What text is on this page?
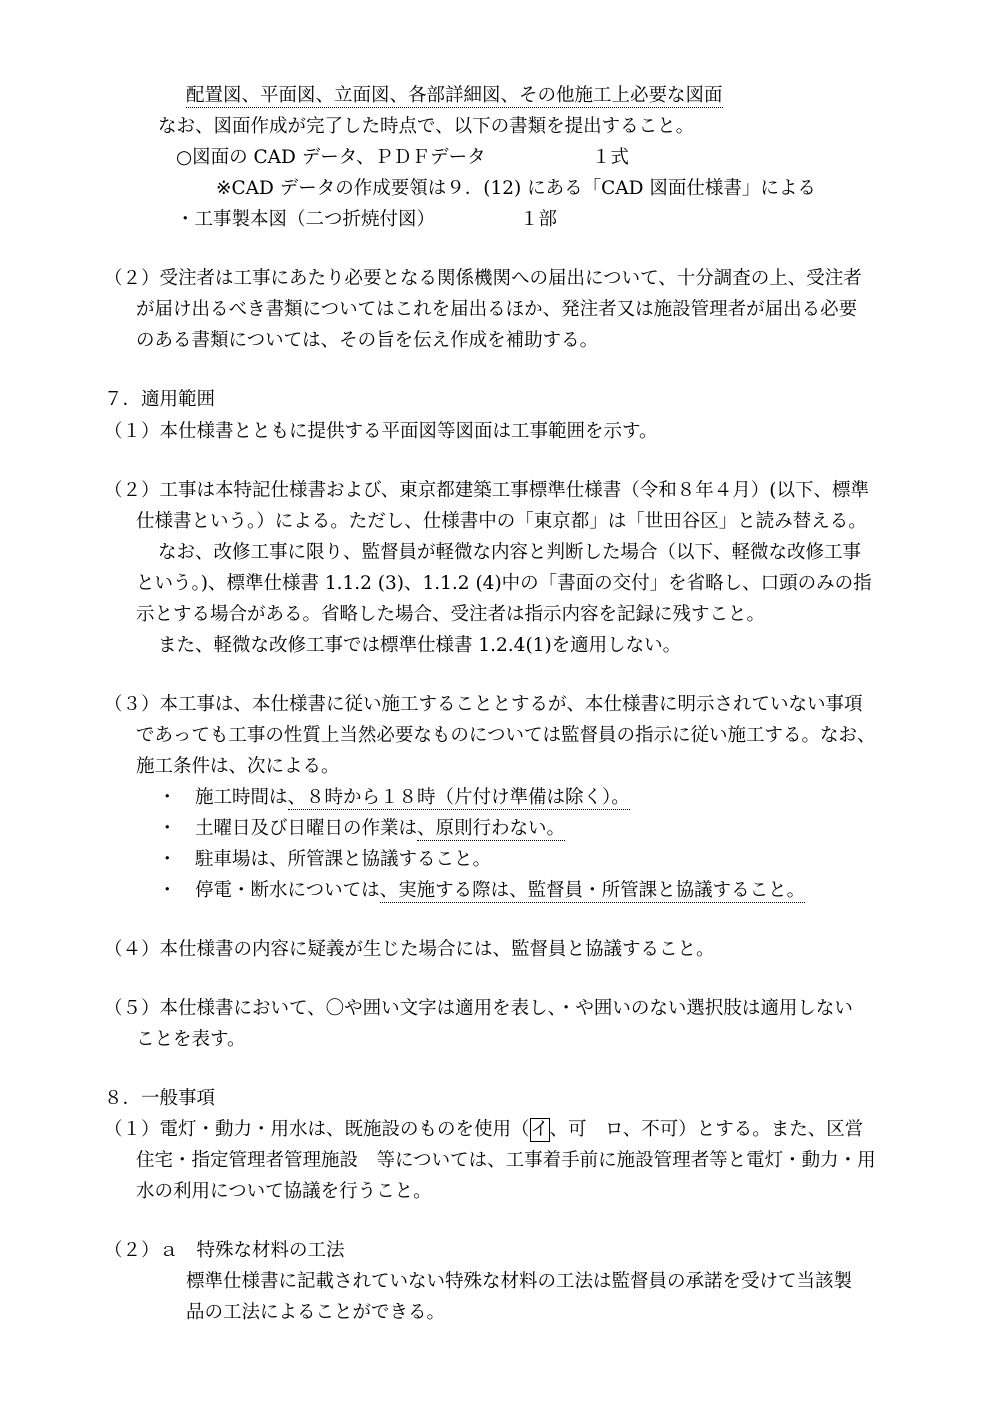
配置図、平面図、立面図、各部詳細図、その他施工上必要な図面
なお、図面作成が完了した時点で、以下の書類を提出すること。
○図面の CAD データ、ＰＤＦデータ	１式
※CAD データの作成要領は９．(12) にある「CAD 図面仕様書」による
・工事製本図（二つ折焼付図）	１部
（２）受注者は工事にあたり必要となる関係機関への届出について、十分調査の上、受注者
が届け出るべき書類についてはこれを届出るほか、発注者又は施設管理者が届出る必要
のある書類については、その旨を伝え作成を補助する。
７．適用範囲
（１）本仕様書とともに提供する平面図等図面は工事範囲を示す。
（２）工事は本特記仕様書および、東京都建築工事標準仕様書（令和８年４月）(以下、標準
仕様書という。）による。ただし、仕様書中の「東京都」は「世田谷区」と読み替える。
なお、改修工事に限り、監督員が軽微な内容と判断した場合（以下、軽微な改修工事
という。)、標準仕様書 1.1.2 (3)、1.1.2 (4)中の「書面の交付」を省略し、口頭のみの指
示とする場合がある。省略した場合、受注者は指示内容を記録に残すこと。
また、軽微な改修工事では標準仕様書 1.2.4(1)を適用しない。
（３）本工事は、本仕様書に従い施工することとするが、本仕様書に明示されていない事項
であっても工事の性質上当然必要なものについては監督員の指示に従い施工する。なお、
施工条件は、次による。
・　施工時間は、８時から１８時（片付け準備は除く）。
・　土曜日及び日曜日の作業は、原則行わない。
・　駐車場は、所管課と協議すること。
・　停電・断水については、実施する際は、監督員・所管課と協議すること。
（４）本仕様書の内容に疑義が生じた場合には、監督員と協議すること。
（５）本仕様書において、〇や囲い文字は適用を表し、・や囲いのない選択肢は適用しない
ことを表す。
８．一般事項
（１）電灯・動力・用水は、既施設のものを使用（イ、可　ロ、不可）とする。また、区営
住宅・指定管理者管理施設　等については、工事着手前に施設管理者等と電灯・動力・用
水の利用について協議を行うこと。
（２）ａ　特殊な材料の工法
標準仕様書に記載されていない特殊な材料の工法は監督員の承諾を受けて当該製
品の工法によることができる。
